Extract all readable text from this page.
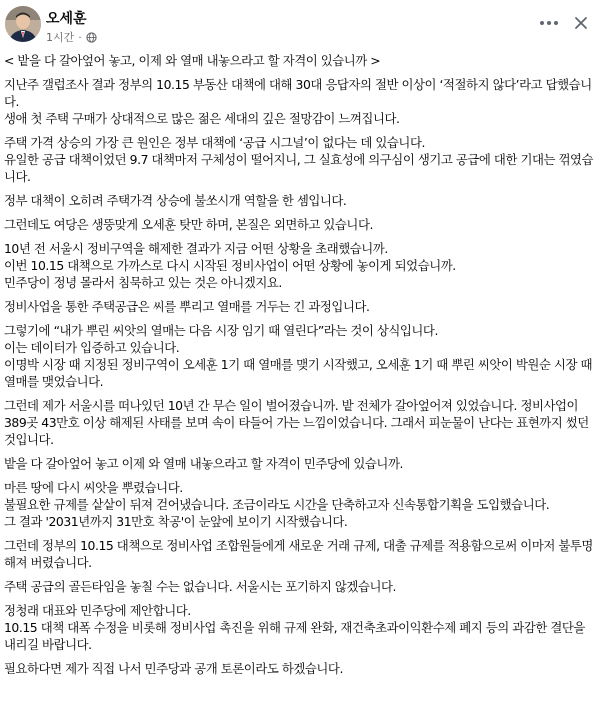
오세훈
1시간 ·

< 밭을 다 갈아엎어 놓고, 이제 와 열매 내놓으라고 할 자격이 있습니까 >

지난주 갤럽조사 결과 정부의 10.15 부동산 대책에 대해 30대 응답자의 절반 이상이 ‘적절하지 않다’라고 답했습니다.

생애 첫 주택 구매가 상대적으로 많은 젊은 세대의 깊은 절망감이 느껴집니다.

주택 가격 상승의 가장 큰 원인은 정부 대책에 ‘공급 시그널’이 없다는 데 있습니다.

유일한 공급 대책이었던 9.7 대책마저 구체성이 떨어지니, 그 실효성에 의구심이 생기고 공급에 대한 기대는 꺾였습니다.

정부 대책이 오히려 주택가격 상승에 불쏘시개 역할을 한 셈입니다.

그런데도 여당은 생뚱맞게 오세훈 탓만 하며, 본질은 외면하고 있습니다.

10년 전 서울시 정비구역을 해제한 결과가 지금 어떤 상황을 초래했습니까.

이번 10.15 대책으로 가까스로 다시 시작된 정비사업이 어떤 상황에 놓이게 되었습니까.

민주당이 정녕 몰라서 침묵하고 있는 것은 아니겠지요.

정비사업을 통한 주택공급은 씨를 뿌리고 열매를 거두는 긴 과정입니다.

그렇기에 “내가 뿌린 씨앗의 열매는 다음 시장 임기 때 열린다”라는 것이 상식입니다.

이는 데이터가 입증하고 있습니다.

이명박 시장 때 지정된 정비구역이 오세훈 1기 때 열매를 맺기 시작했고, 오세훈 1기 때 뿌린 씨앗이 박원순 시장 때 열매를 맺었습니다.

그런데 제가 서울시를 떠나있던 10년 간 무슨 일이 벌어졌습니까. 밭 전체가 갈아엎어져 있었습니다. 정비사업이 389곳 43만호 이상 해제된 사태를 보며 속이 타들어 가는 느낌이었습니다. 그래서 피눈물이 난다는 표현까지 썼던 것입니다.

밭을 다 갈아엎어 놓고 이제 와 열매 내놓으라고 할 자격이 민주당에 있습니까.

마른 땅에 다시 씨앗을 뿌렸습니다.

불필요한 규제를 샅샅이 뒤져 걷어냈습니다. 조금이라도 시간을 단축하고자 신속통합기획을 도입했습니다.

그 결과 '2031년까지 31만호 착공'이 눈앞에 보이기 시작했습니다.

그런데 정부의 10.15 대책으로 정비사업 조합원들에게 새로운 거래 규제, 대출 규제를 적용함으로써 이마저 불투명해져 버렸습니다.

주택 공급의 골든타임을 놓칠 수는 없습니다. 서울시는 포기하지 않겠습니다.

정청래 대표와 민주당에 제안합니다.

10.15 대책 대폭 수정을 비롯해 정비사업 촉진을 위해 규제 완화, 재건축초과이익환수제 폐지 등의 과감한 결단을 내리길 바랍니다.

필요하다면 제가 직접 나서 민주당과 공개 토론이라도 하겠습니다.
